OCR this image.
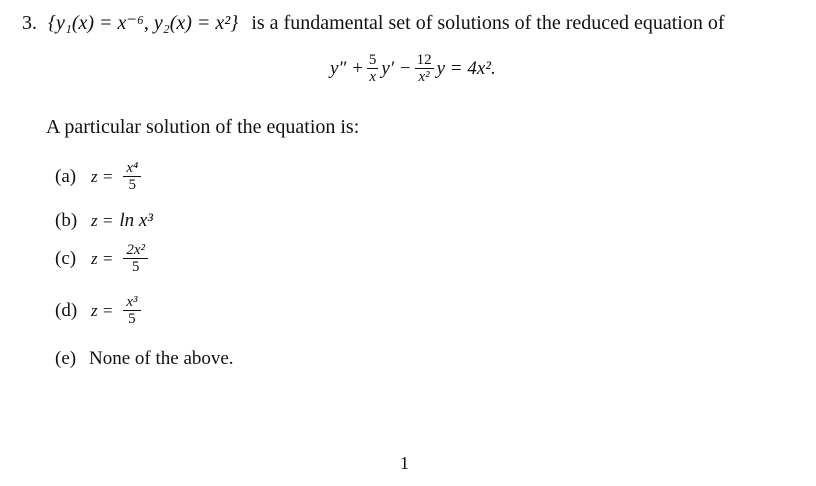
3. {y₁(x) = x⁻⁶, y₂(x) = x²} is a fundamental set of solutions of the reduced equation of
$y'' + \frac{5}{x} y' - \frac{12}{\text{x²}}$ y = 4x².
A particular solution of the equation is:
(a) $z = \frac{\text{x⁴}}{5}$
(b) z = ln x³
(c) $z = \frac{\text{2x²}}{5}$
(d) $z = \frac{\text{x³}}{5}$
(e) None of the above.
1
